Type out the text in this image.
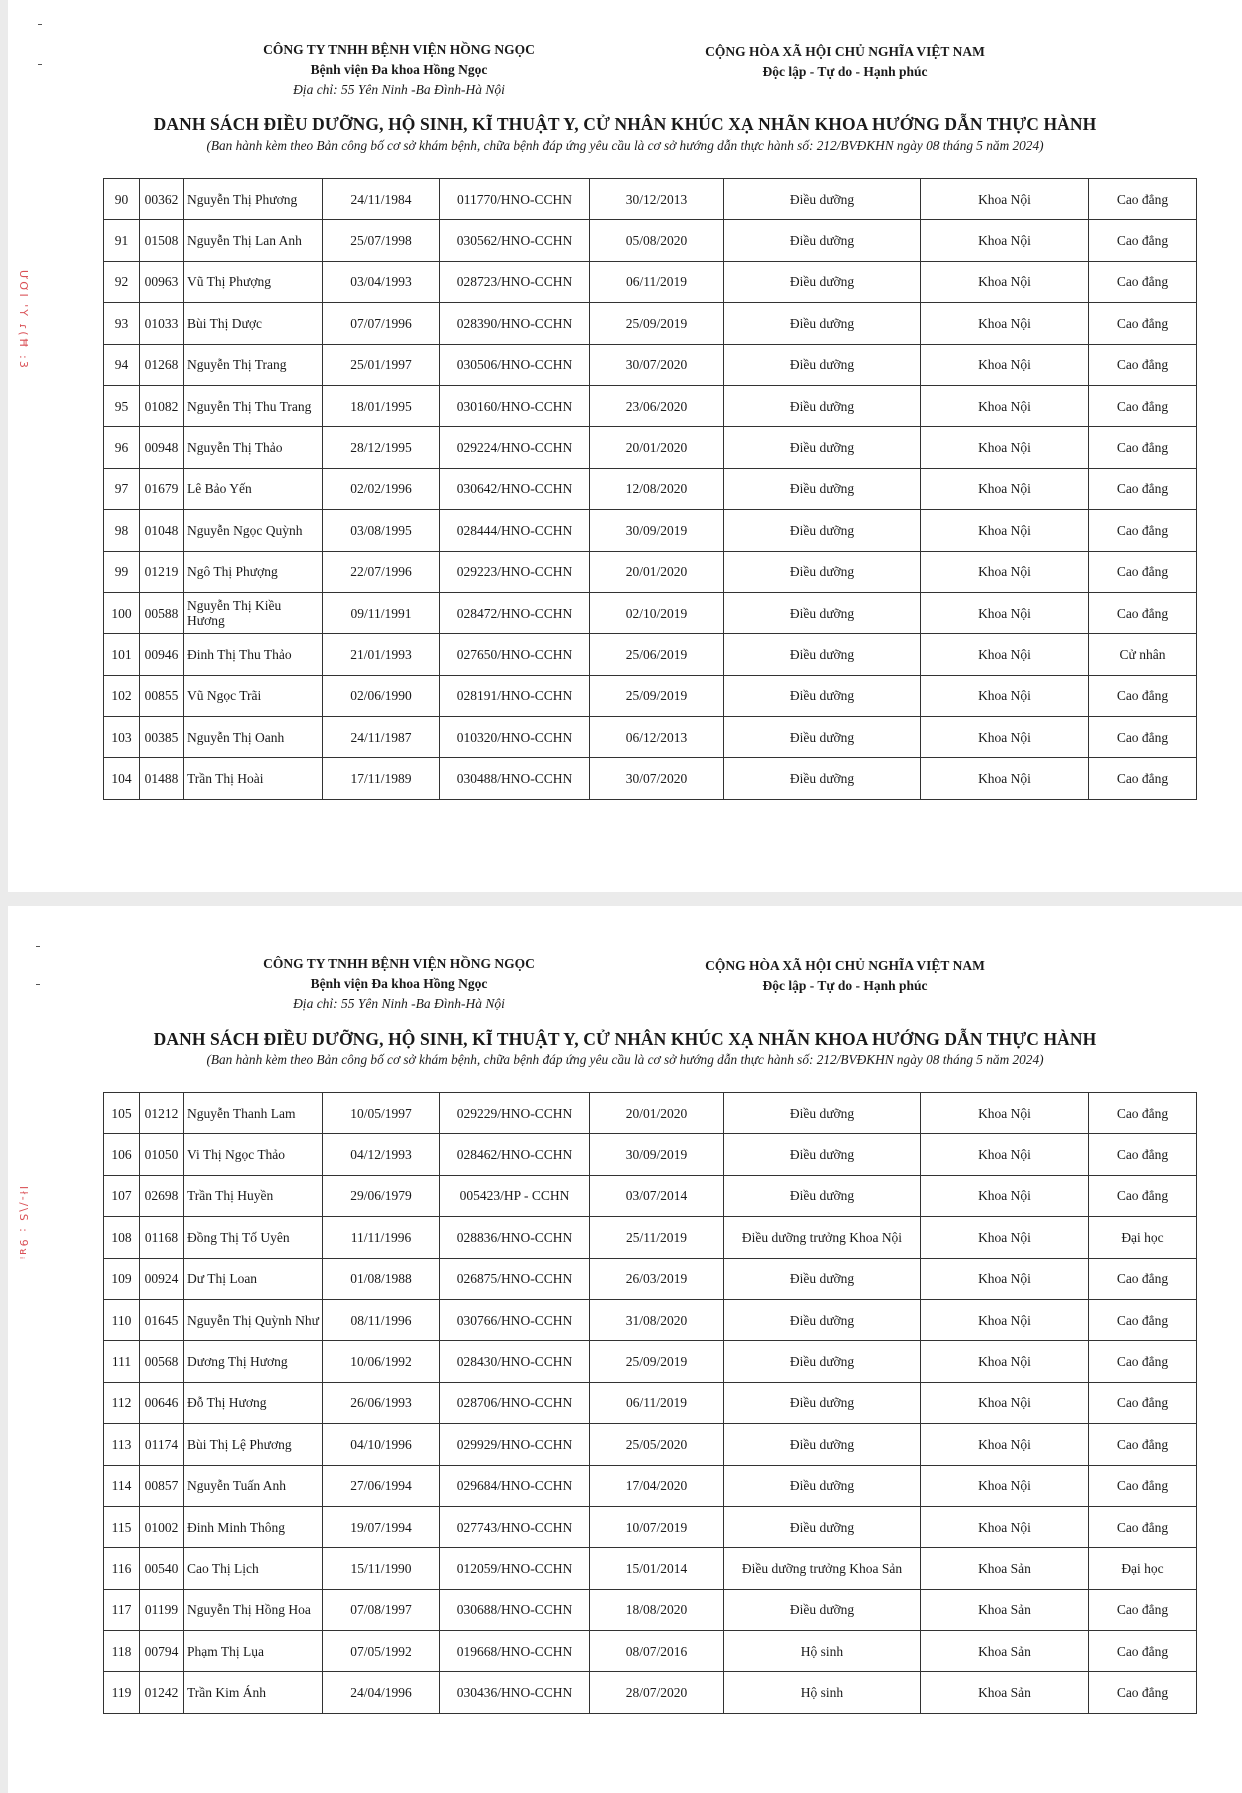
ƯƠI 'Y ɾ(Ħ :3
CÔNG TY TNHH BỆNH VIỆN HỒNG NGỌC
Bệnh viện Đa khoa Hồng Ngọc
Địa chỉ: 55 Yên Ninh -Ba Đình-Hà Nội
CỘNG HÒA XÃ HỘI CHỦ NGHĨA VIỆT NAM
Độc lập - Tự do - Hạnh phúc
DANH SÁCH ĐIỀU DƯỠNG, HỘ SINH, KĨ THUẬT Y, CỬ NHÂN KHÚC XẠ NHÃN KHOA HƯỚNG DẪN THỰC HÀNH
(Ban hành kèm theo Bản công bố cơ sở khám bệnh, chữa bệnh đáp ứng yêu cầu là cơ sở hướng dẫn thực hành số: 212/BVĐKHN ngày 08 tháng 5 năm 2024)
90	00362	Nguyễn Thị Phương	24/11/1984	011770/HNO-CCHN	30/12/2013	Điều dưỡng	Khoa Nội	Cao đẳng
91	01508	Nguyễn Thị Lan Anh	25/07/1998	030562/HNO-CCHN	05/08/2020	Điều dưỡng	Khoa Nội	Cao đẳng
92	00963	Vũ Thị Phượng	03/04/1993	028723/HNO-CCHN	06/11/2019	Điều dưỡng	Khoa Nội	Cao đẳng
93	01033	Bùi Thị Dược	07/07/1996	028390/HNO-CCHN	25/09/2019	Điều dưỡng	Khoa Nội	Cao đẳng
94	01268	Nguyễn Thị Trang	25/01/1997	030506/HNO-CCHN	30/07/2020	Điều dưỡng	Khoa Nội	Cao đẳng
95	01082	Nguyễn Thị Thu Trang	18/01/1995	030160/HNO-CCHN	23/06/2020	Điều dưỡng	Khoa Nội	Cao đẳng
96	00948	Nguyễn Thị Thảo	28/12/1995	029224/HNO-CCHN	20/01/2020	Điều dưỡng	Khoa Nội	Cao đẳng
97	01679	Lê Bảo Yến	02/02/1996	030642/HNO-CCHN	12/08/2020	Điều dưỡng	Khoa Nội	Cao đẳng
98	01048	Nguyễn Ngọc Quỳnh	03/08/1995	028444/HNO-CCHN	30/09/2019	Điều dưỡng	Khoa Nội	Cao đẳng
99	01219	Ngô Thị Phượng	22/07/1996	029223/HNO-CCHN	20/01/2020	Điều dưỡng	Khoa Nội	Cao đẳng
100	00588	Nguyễn Thị Kiều Hương	09/11/1991	028472/HNO-CCHN	02/10/2019	Điều dưỡng	Khoa Nội	Cao đẳng
101	00946	Đinh Thị Thu Thảo	21/01/1993	027650/HNO-CCHN	25/06/2019	Điều dưỡng	Khoa Nội	Cử nhân
102	00855	Vũ Ngọc Trãi	02/06/1990	028191/HNO-CCHN	25/09/2019	Điều dưỡng	Khoa Nội	Cao đẳng
103	00385	Nguyễn Thị Oanh	24/11/1987	010320/HNO-CCHN	06/12/2013	Điều dưỡng	Khoa Nội	Cao đẳng
104	01488	Trần Thị Hoài	17/11/1989	030488/HNO-CCHN	30/07/2020	Điều dưỡng	Khoa Nội	Cao đẳng
Ił-/\S : 9ᴚᵢ
CÔNG TY TNHH BỆNH VIỆN HỒNG NGỌC
Bệnh viện Đa khoa Hồng Ngọc
Địa chỉ: 55 Yên Ninh -Ba Đình-Hà Nội
CỘNG HÒA XÃ HỘI CHỦ NGHĨA VIỆT NAM
Độc lập - Tự do - Hạnh phúc
DANH SÁCH ĐIỀU DƯỠNG, HỘ SINH, KĨ THUẬT Y, CỬ NHÂN KHÚC XẠ NHÃN KHOA HƯỚNG DẪN THỰC HÀNH
(Ban hành kèm theo Bản công bố cơ sở khám bệnh, chữa bệnh đáp ứng yêu cầu là cơ sở hướng dẫn thực hành số: 212/BVĐKHN ngày 08 tháng 5 năm 2024)
105	01212	Nguyễn Thanh Lam	10/05/1997	029229/HNO-CCHN	20/01/2020	Điều dưỡng	Khoa Nội	Cao đẳng
106	01050	Vi Thị Ngọc Thảo	04/12/1993	028462/HNO-CCHN	30/09/2019	Điều dưỡng	Khoa Nội	Cao đẳng
107	02698	Trần Thị Huyền	29/06/1979	005423/HP - CCHN	03/07/2014	Điều dưỡng	Khoa Nội	Cao đẳng
108	01168	Đồng Thị Tố Uyên	11/11/1996	028836/HNO-CCHN	25/11/2019	Điều dưỡng trưởng Khoa Nội	Khoa Nội	Đại học
109	00924	Dư Thị Loan	01/08/1988	026875/HNO-CCHN	26/03/2019	Điều dưỡng	Khoa Nội	Cao đẳng
110	01645	Nguyễn Thị Quỳnh Như	08/11/1996	030766/HNO-CCHN	31/08/2020	Điều dưỡng	Khoa Nội	Cao đẳng
111	00568	Dương Thị Hương	10/06/1992	028430/HNO-CCHN	25/09/2019	Điều dưỡng	Khoa Nội	Cao đẳng
112	00646	Đỗ Thị Hương	26/06/1993	028706/HNO-CCHN	06/11/2019	Điều dưỡng	Khoa Nội	Cao đẳng
113	01174	Bùi Thị Lệ Phương	04/10/1996	029929/HNO-CCHN	25/05/2020	Điều dưỡng	Khoa Nội	Cao đẳng
114	00857	Nguyễn Tuấn Anh	27/06/1994	029684/HNO-CCHN	17/04/2020	Điều dưỡng	Khoa Nội	Cao đẳng
115	01002	Đinh Minh Thông	19/07/1994	027743/HNO-CCHN	10/07/2019	Điều dưỡng	Khoa Nội	Cao đẳng
116	00540	Cao Thị Lịch	15/11/1990	012059/HNO-CCHN	15/01/2014	Điều dưỡng trưởng Khoa Sản	Khoa Sản	Đại học
117	01199	Nguyễn Thị Hồng Hoa	07/08/1997	030688/HNO-CCHN	18/08/2020	Điều dưỡng	Khoa Sản	Cao đẳng
118	00794	Phạm Thị Lụa	07/05/1992	019668/HNO-CCHN	08/07/2016	Hộ sinh	Khoa Sản	Cao đẳng
119	01242	Trần Kim Ánh	24/04/1996	030436/HNO-CCHN	28/07/2020	Hộ sinh	Khoa Sản	Cao đẳng
